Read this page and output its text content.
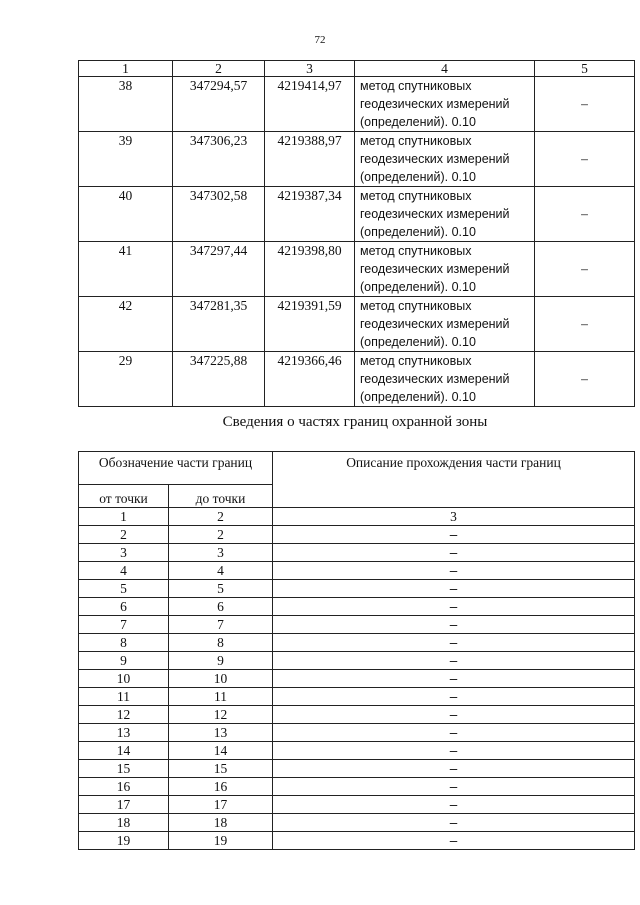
72
1	2	3	4	5
38	347294,57	4219414,97	метод спутниковых
геодезических измерений
(определений). 0.10	–
39	347306,23	4219388,97	метод спутниковых
геодезических измерений
(определений). 0.10	–
40	347302,58	4219387,34	метод спутниковых
геодезических измерений
(определений). 0.10	–
41	347297,44	4219398,80	метод спутниковых
геодезических измерений
(определений). 0.10	–
42	347281,35	4219391,59	метод спутниковых
геодезических измерений
(определений). 0.10	–
29	347225,88	4219366,46	метод спутниковых
геодезических измерений
(определений). 0.10	–
Сведения о частях границ охранной зоны
Обозначение части границ		Описание прохождения части границ
от точки	до точки	
1	2	3
2	2	–
3	3	–
4	4	–
5	5	–
6	6	–
7	7	–
8	8	–
9	9	–
10	10	–
11	11	–
12	12	–
13	13	–
14	14	–
15	15	–
16	16	–
17	17	–
18	18	–
19	19	–
